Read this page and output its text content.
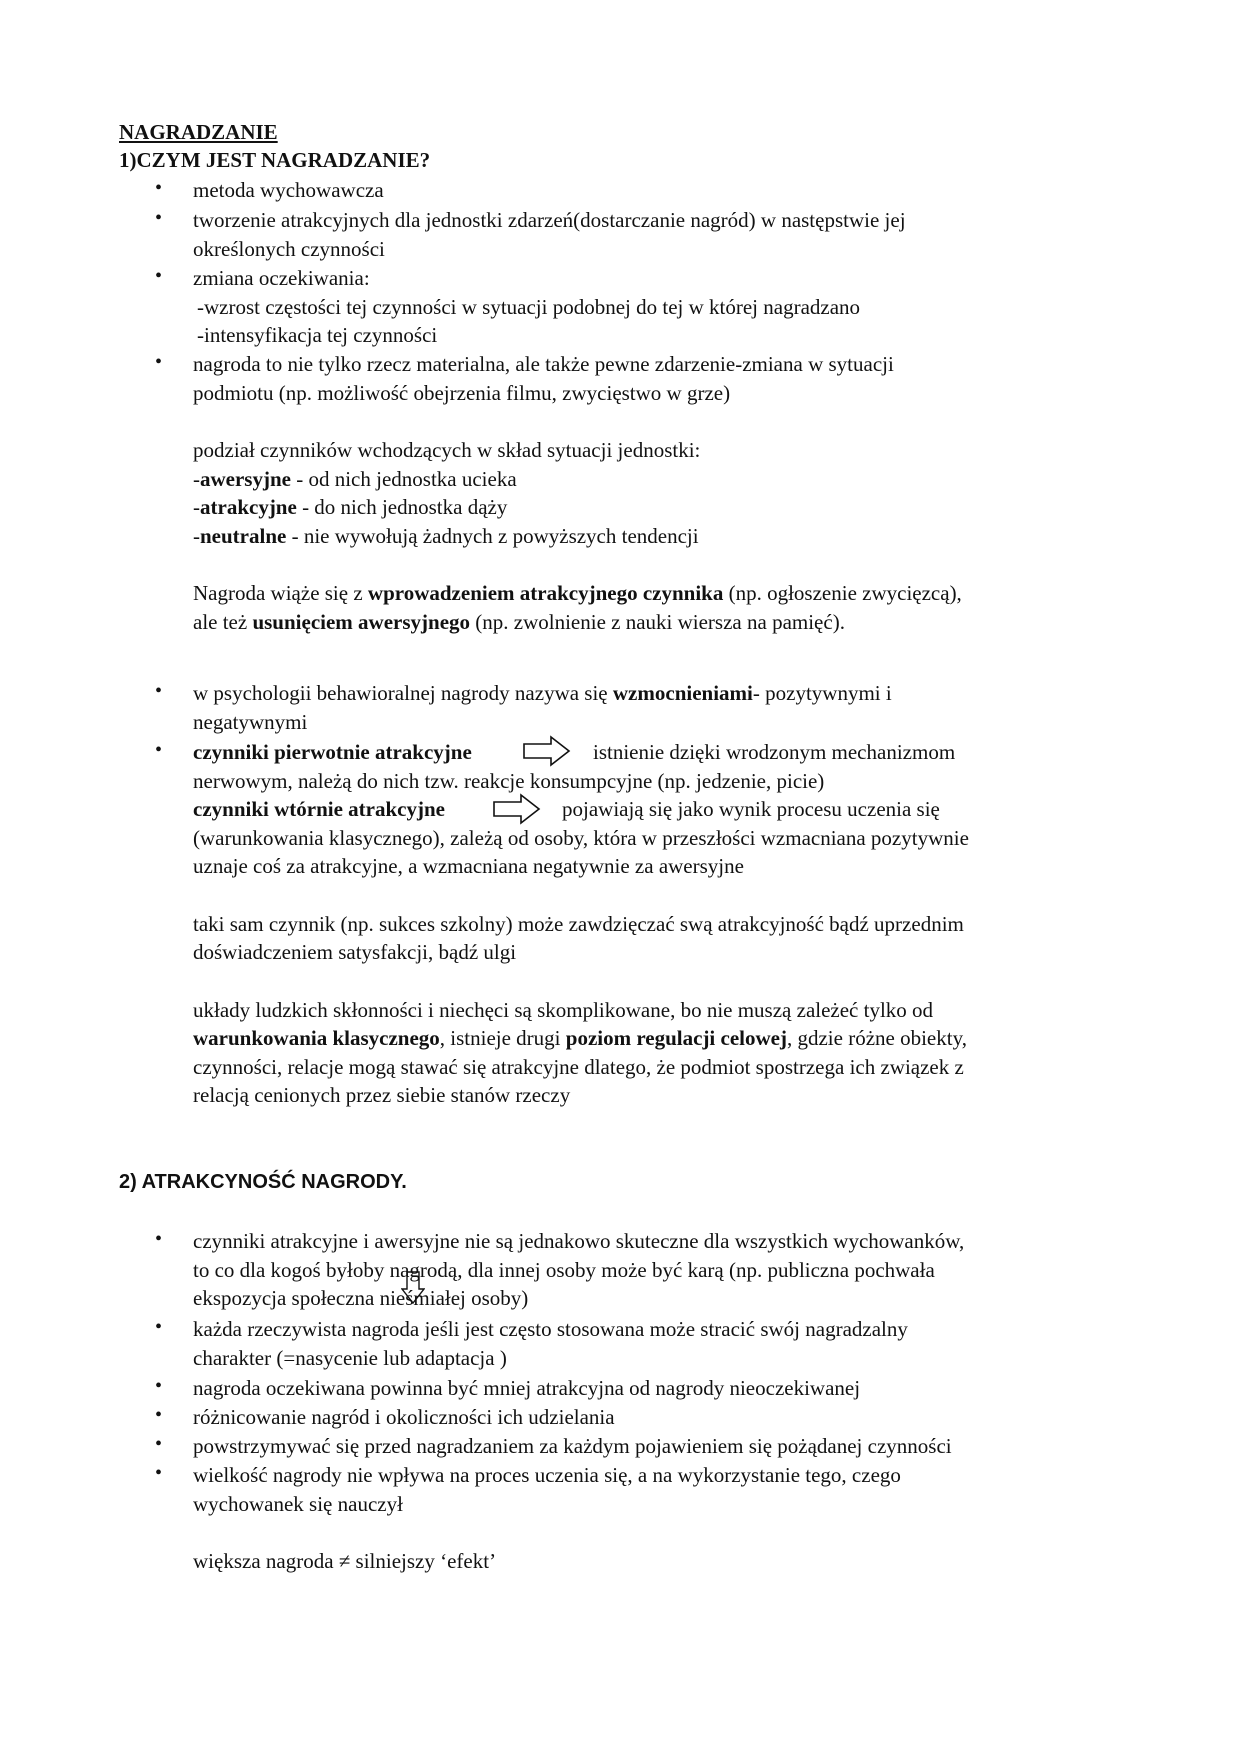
NAGRADZANIE
1)CZYM JEST NAGRADZANIE?
• metoda wychowawcza
• tworzenie atrakcyjnych dla jednostki zdarzeń(dostarczanie nagród) w następstwie jej
określonych czynności
• zmiana oczekiwania:
-wzrost częstości tej czynności w sytuacji podobnej do tej w której nagradzano
-intensyfikacja tej czynności
• nagroda to nie tylko rzecz materialna, ale także pewne zdarzenie-zmiana w sytuacji
podmiotu (np. możliwość obejrzenia filmu, zwycięstwo w grze)
podział czynników wchodzących w skład sytuacji jednostki:
-awersyjne - od nich jednostka ucieka
-atrakcyjne - do nich jednostka dąży
-neutralne - nie wywołują żadnych z powyższych tendencji
Nagroda wiąże się z wprowadzeniem atrakcyjnego czynnika (np. ogłoszenie zwycięzcą),
ale też usunięciem awersyjnego (np. zwolnienie z nauki wiersza na pamięć).
• w psychologii behawioralnej nagrody nazywa się wzmocnieniami- pozytywnymi i
negatywnymi
• czynniki pierwotnie atrakcyjne	istnienie dzięki wrodzonym mechanizmom
nerwowym, należą do nich tzw. reakcje konsumpcyjne (np. jedzenie, picie)
czynniki wtórnie atrakcyjne	pojawiają się jako wynik procesu uczenia się
(warunkowania klasycznego), zależą od osoby, która w przeszłości wzmacniana pozytywnie
uznaje coś za atrakcyjne, a wzmacniana negatywnie za awersyjne
taki sam czynnik (np. sukces szkolny) może zawdzięczać swą atrakcyjność bądź uprzednim
doświadczeniem satysfakcji, bądź ulgi
układy ludzkich skłonności i niechęci są skomplikowane, bo nie muszą zależeć tylko od
warunkowania klasycznego, istnieje drugi poziom regulacji celowej, gdzie różne obiekty,
czynności, relacje mogą stawać się atrakcyjne dlatego, że podmiot spostrzega ich związek z
relacją cenionych przez siebie stanów rzeczy
2) ATRAKCYNOŚĆ NAGRODY.
• czynniki atrakcyjne i awersyjne nie są jednakowo skuteczne dla wszystkich wychowanków,
to co dla kogoś byłoby nagrodą, dla innej osoby może być karą (np. publiczna pochwała
ekspozycja społeczna nieśmiałej osoby)
• każda rzeczywista nagroda jeśli jest często stosowana może stracić swój nagradzalny
charakter (=nasycenie lub adaptacja )
• nagroda oczekiwana powinna być mniej atrakcyjna od nagrody nieoczekiwanej
• różnicowanie nagród i okoliczności ich udzielania
• powstrzymywać się przed nagradzaniem za każdym pojawieniem się pożądanej czynności
• wielkość nagrody nie wpływa na proces uczenia się, a na wykorzystanie tego, czego
wychowanek się nauczył
większa nagroda ≠ silniejszy ‘efekt’
